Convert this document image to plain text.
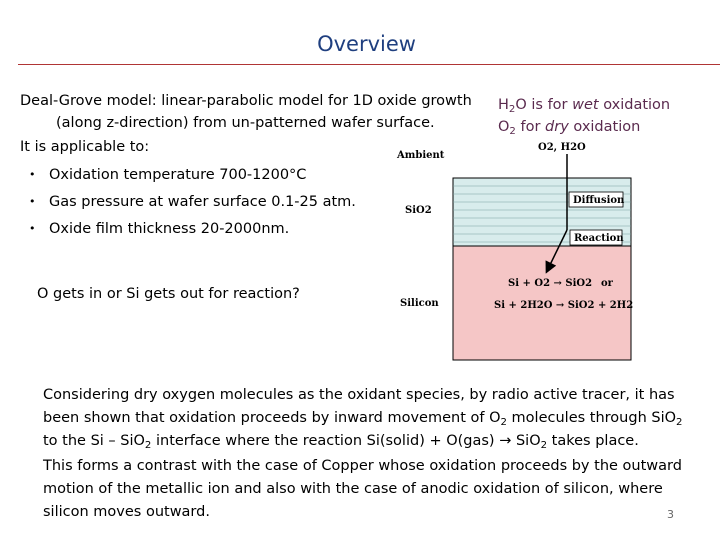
Overview
Deal-Grove model: linear-parabolic model for 1D oxide growth
(along z-direction) from un-patterned wafer surface.
$H_2O$ is for wet oxidation
$O_2$ for dry oxidation
It is applicable to:
• Oxidation temperature 700-1200°C
• Gas pressure at wafer surface 0.1-25 atm.
• Oxide film thickness 20-2000nm.
O gets in or Si gets out for reaction?
Ambient
SiO2
Silicon
O2, H2O
Diffusion
Reaction
Si + O2 → SiO2 or
Si + 2H2O → SiO2 + 2H2
Considering dry oxygen molecules as the oxidant species, by radio active tracer, it has been shown that oxidation proceeds by inward movement of $O_2$ molecules through SiO$_2$ to the Si – SiO$_2$ interface where the reaction Si(solid) + O(gas) → SiO$_2$ takes place.
This forms a contrast with the case of Copper whose oxidation proceeds by the outward motion of the metallic ion and also with the case of anodic oxidation of silicon, where silicon moves outward.	3
